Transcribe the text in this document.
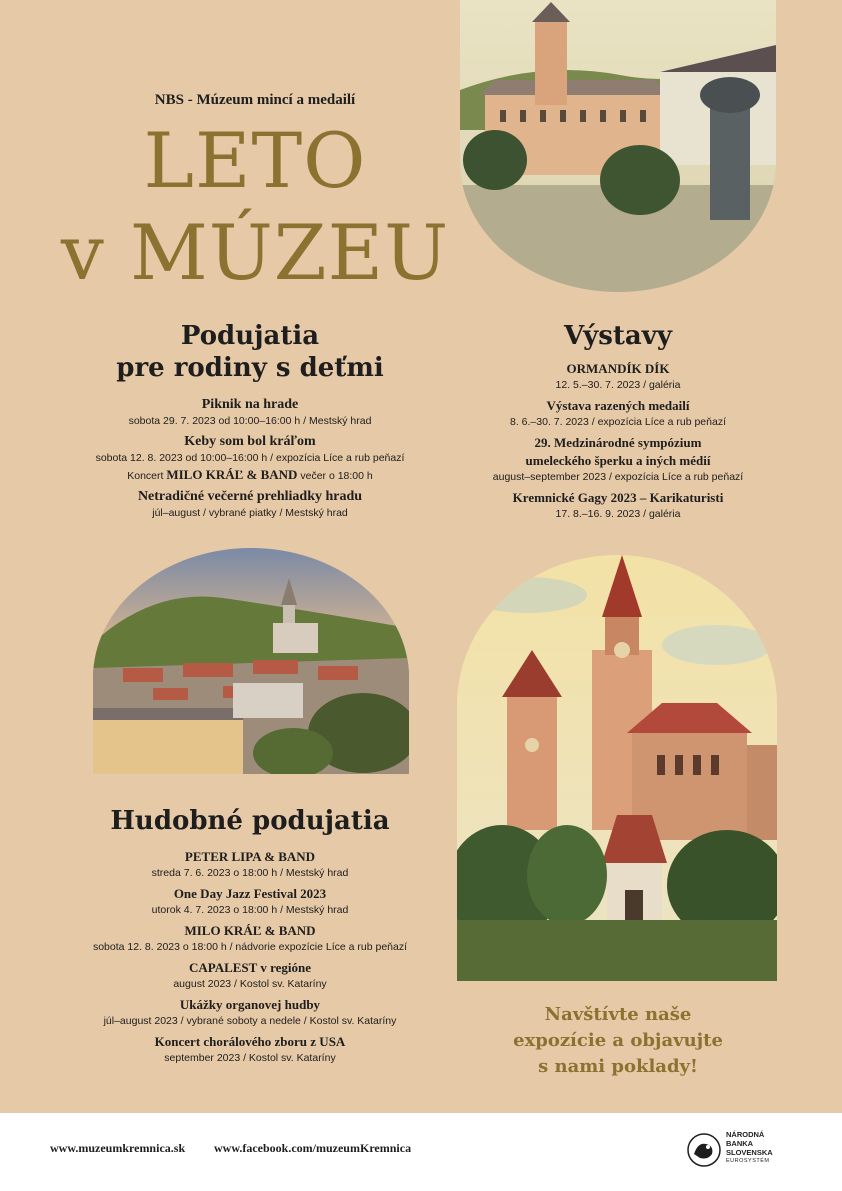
NBS - Múzeum mincí a medailí
LETO
v MÚZEU
Podujatia
pre rodiny s deťmi
Piknik na hrade
sobota 29. 7. 2023 od 10:00–16:00 h / Mestský hrad
Keby som bol kráľom
sobota 12. 8. 2023 od 10:00–16:00 h / expozícia Líce a rub peňazí
Koncert MILO KRÁĽ & BAND večer o 18:00 h
Netradičné večerné prehliadky hradu
júl–august / vybrané piatky / Mestský hrad
Výstavy
ORMANDÍK DÍK
12. 5.–30. 7. 2023 / galéria
Výstava razených medailí
8. 6.–30. 7. 2023 / expozícia Líce a rub peňazí
29. Medzinárodné sympózium
umeleckého šperku a iných médií
august–september 2023 / expozícia Líce a rub peňazí
Kremnické Gagy 2023 – Karikaturisti
17. 8.–16. 9. 2023 / galéria
Hudobné podujatia
PETER LIPA & BAND
streda 7. 6. 2023 o 18:00 h / Mestský hrad
One Day Jazz Festival 2023
utorok 4. 7. 2023 o 18:00 h / Mestský hrad
MILO KRÁĽ & BAND
sobota 12. 8. 2023 o 18:00 h / nádvorie expozície Líce a rub peňazí
CAPALEST v regióne
august 2023 / Kostol sv. Kataríny
Ukážky organovej hudby
júl–august 2023 / vybrané soboty a nedele / Kostol sv. Kataríny
Koncert chorálového zboru z USA
september 2023 / Kostol sv. Kataríny
Navštívte naše
expozície a objavujte
s nami poklady!
www.muzeumkremnica.sk www.facebook.com/muzeumKremnica
NÁRODNÁ
BANKA
SLOVENSKA
EUROSYSTÉM
